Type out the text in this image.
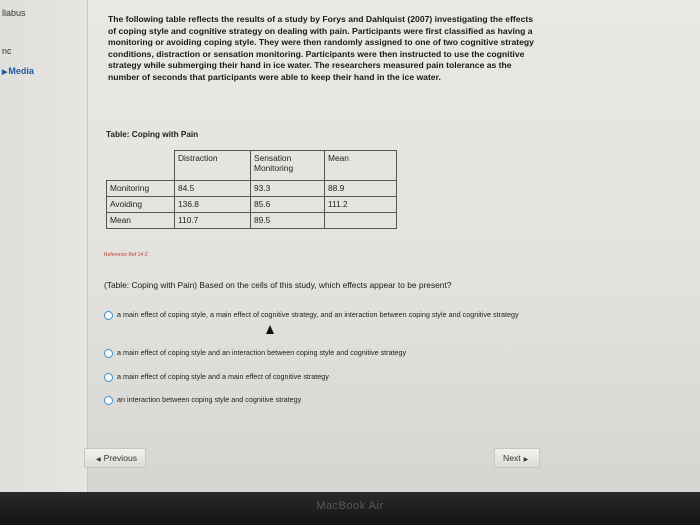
llabus
nc
▶Media

The following table reflects the results of a study by Forys and Dahlquist (2007) investigating the effects of coping style and cognitive strategy on dealing with pain. Participants were first classified as having a monitoring or avoiding coping style. They were then randomly assigned to one of two cognitive strategy conditions, distraction or sensation monitoring. Participants were then instructed to use the cognitive strategy while submerging their hand in ice water. The researchers measured pain tolerance as the number of seconds that participants were able to keep their hand in the ice water.

Table: Coping with Pain
	Distraction	Sensation Monitoring	Mean
Monitoring	84.5	93.3	88.9
Avoiding	136.8	85.6	111.2
Mean	110.7	89.5	
Reference Ref 14-2

(Table: Coping with Pain) Based on the cells of this study, which effects appear to be present?

a main effect of coping style, a main effect of cognitive strategy, and an interaction between coping style and cognitive strategy
a main effect of coping style and an interaction between coping style and cognitive strategy
a main effect of coping style and a main effect of cognitive strategy
an interaction between coping style and cognitive strategy
◀ Previous	Next ▶
MacBook Air
